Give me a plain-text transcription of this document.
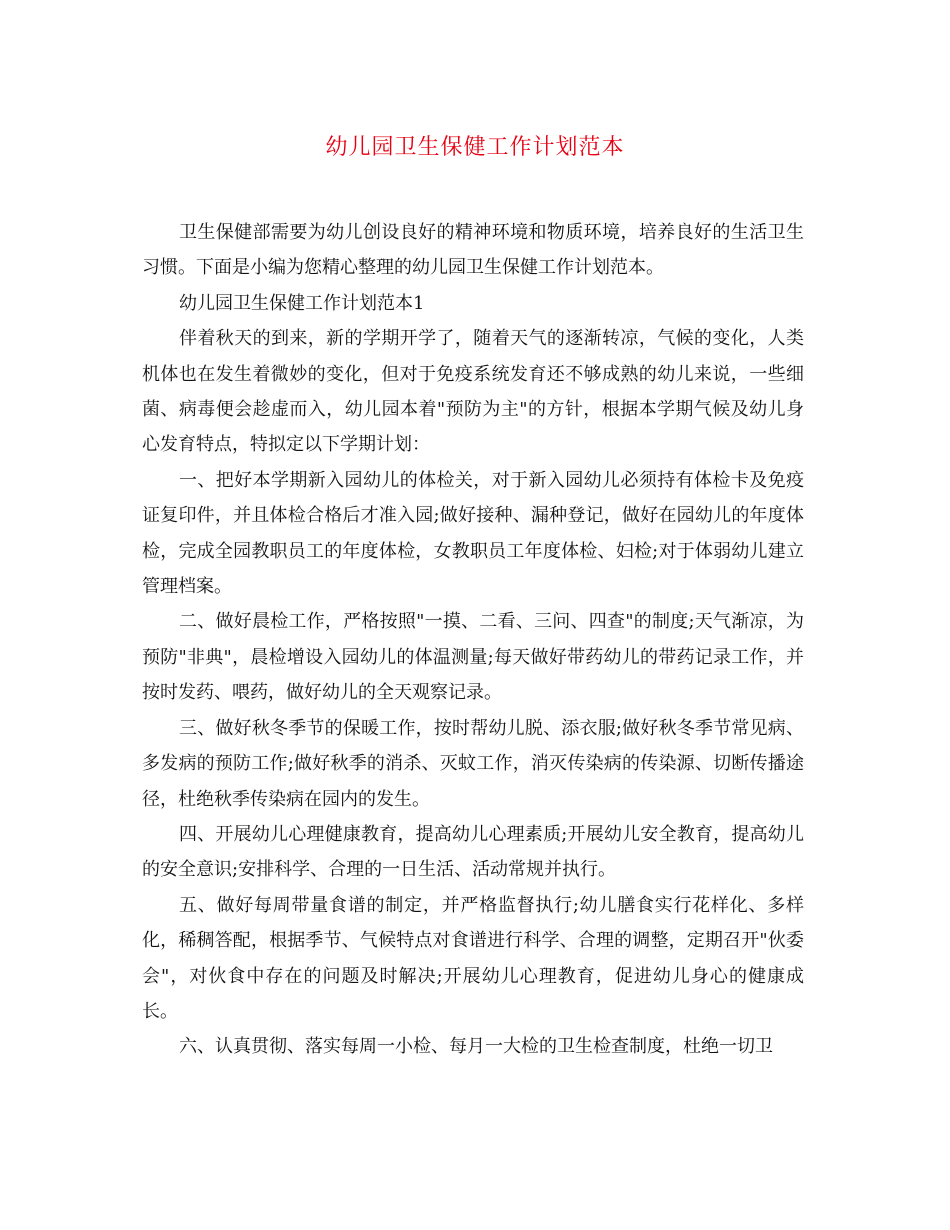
幼儿园卫生保健工作计划范本

卫生保健部需要为幼儿创设良好的精神环境和物质环境，培养良好的生活卫生习惯。下面是小编为您精心整理的幼儿园卫生保健工作计划范本。

幼儿园卫生保健工作计划范本1

伴着秋天的到来，新的学期开学了，随着天气的逐渐转凉，气候的变化，人类机体也在发生着微妙的变化，但对于免疫系统发育还不够成熟的幼儿来说，一些细菌、病毒便会趁虚而入，幼儿园本着"预防为主"的方针，根据本学期气候及幼儿身心发育特点，特拟定以下学期计划：

一、把好本学期新入园幼儿的体检关，对于新入园幼儿必须持有体检卡及免疫证复印件，并且体检合格后才准入园;做好接种、漏种登记，做好在园幼儿的年度体检，完成全园教职员工的年度体检，女教职员工年度体检、妇检;对于体弱幼儿建立管理档案。

二、做好晨检工作，严格按照"一摸、二看、三问、四查"的制度;天气渐凉，为预防"非典"，晨检增设入园幼儿的体温测量;每天做好带药幼儿的带药记录工作，并按时发药、喂药，做好幼儿的全天观察记录。

三、做好秋冬季节的保暖工作，按时帮幼儿脱、添衣服;做好秋冬季节常见病、多发病的预防工作;做好秋季的消杀、灭蚊工作，消灭传染病的传染源、切断传播途径，杜绝秋季传染病在园内的发生。

四、开展幼儿心理健康教育，提高幼儿心理素质;开展幼儿安全教育，提高幼儿的安全意识;安排科学、合理的一日生活、活动常规并执行。

五、做好每周带量食谱的制定，并严格监督执行;幼儿膳食实行花样化、多样化，稀稠答配，根据季节、气候特点对食谱进行科学、合理的调整，定期召开"伙委会"，对伙食中存在的问题及时解决;开展幼儿心理教育，促进幼儿身心的健康成长。

六、认真贯彻、落实每周一小检、每月一大检的卫生检查制度，杜绝一切卫
